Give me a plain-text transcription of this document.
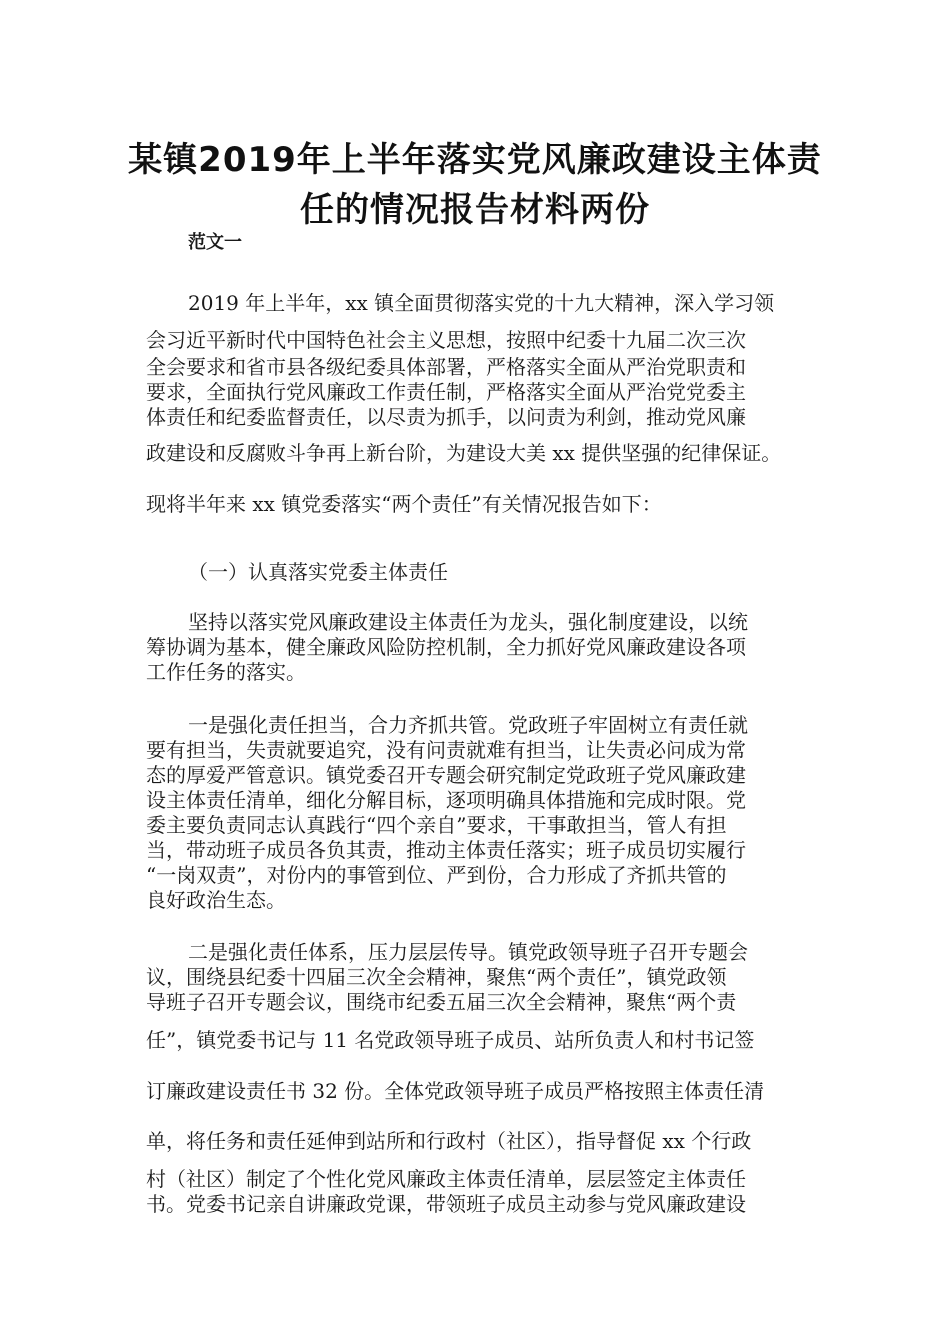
某镇2019年上半年落实党风廉政建设主体责
任的情况报告材料两份
范文一
2019 年上半年，xx 镇全面贯彻落实党的十九大精神，深入学习领
会习近平新时代中国特色社会主义思想，按照中纪委十九届二次三次
全会要求和省市县各级纪委具体部署，严格落实全面从严治党职责和
要求，全面执行党风廉政工作责任制，严格落实全面从严治党党委主
体责任和纪委监督责任，以尽责为抓手，以问责为利剑，推动党风廉
政建设和反腐败斗争再上新台阶，为建设大美 xx 提供坚强的纪律保证。
现将半年来 xx 镇党委落实“两个责任”有关情况报告如下：
（一）认真落实党委主体责任
坚持以落实党风廉政建设主体责任为龙头，强化制度建设，以统
筹协调为基本，健全廉政风险防控机制，全力抓好党风廉政建设各项
工作任务的落实。
一是强化责任担当，合力齐抓共管。党政班子牢固树立有责任就
要有担当，失责就要追究，没有问责就难有担当，让失责必问成为常
态的厚爱严管意识。镇党委召开专题会研究制定党政班子党风廉政建
设主体责任清单，细化分解目标，逐项明确具体措施和完成时限。党
委主要负责同志认真践行“四个亲自”要求，干事敢担当，管人有担
当，带动班子成员各负其责，推动主体责任落实；班子成员切实履行
“一岗双责”，对份内的事管到位、严到份，合力形成了齐抓共管的
良好政治生态。
二是强化责任体系，压力层层传导。镇党政领导班子召开专题会
议，围绕县纪委十四届三次全会精神，聚焦“两个责任”，镇党政领
导班子召开专题会议，围绕市纪委五届三次全会精神，聚焦“两个责
任”，镇党委书记与 11 名党政领导班子成员、站所负责人和村书记签
订廉政建设责任书 32 份。全体党政领导班子成员严格按照主体责任清
单，将任务和责任延伸到站所和行政村（社区），指导督促 xx 个行政
村（社区）制定了个性化党风廉政主体责任清单，层层签定主体责任
书。党委书记亲自讲廉政党课，带领班子成员主动参与党风廉政建设
